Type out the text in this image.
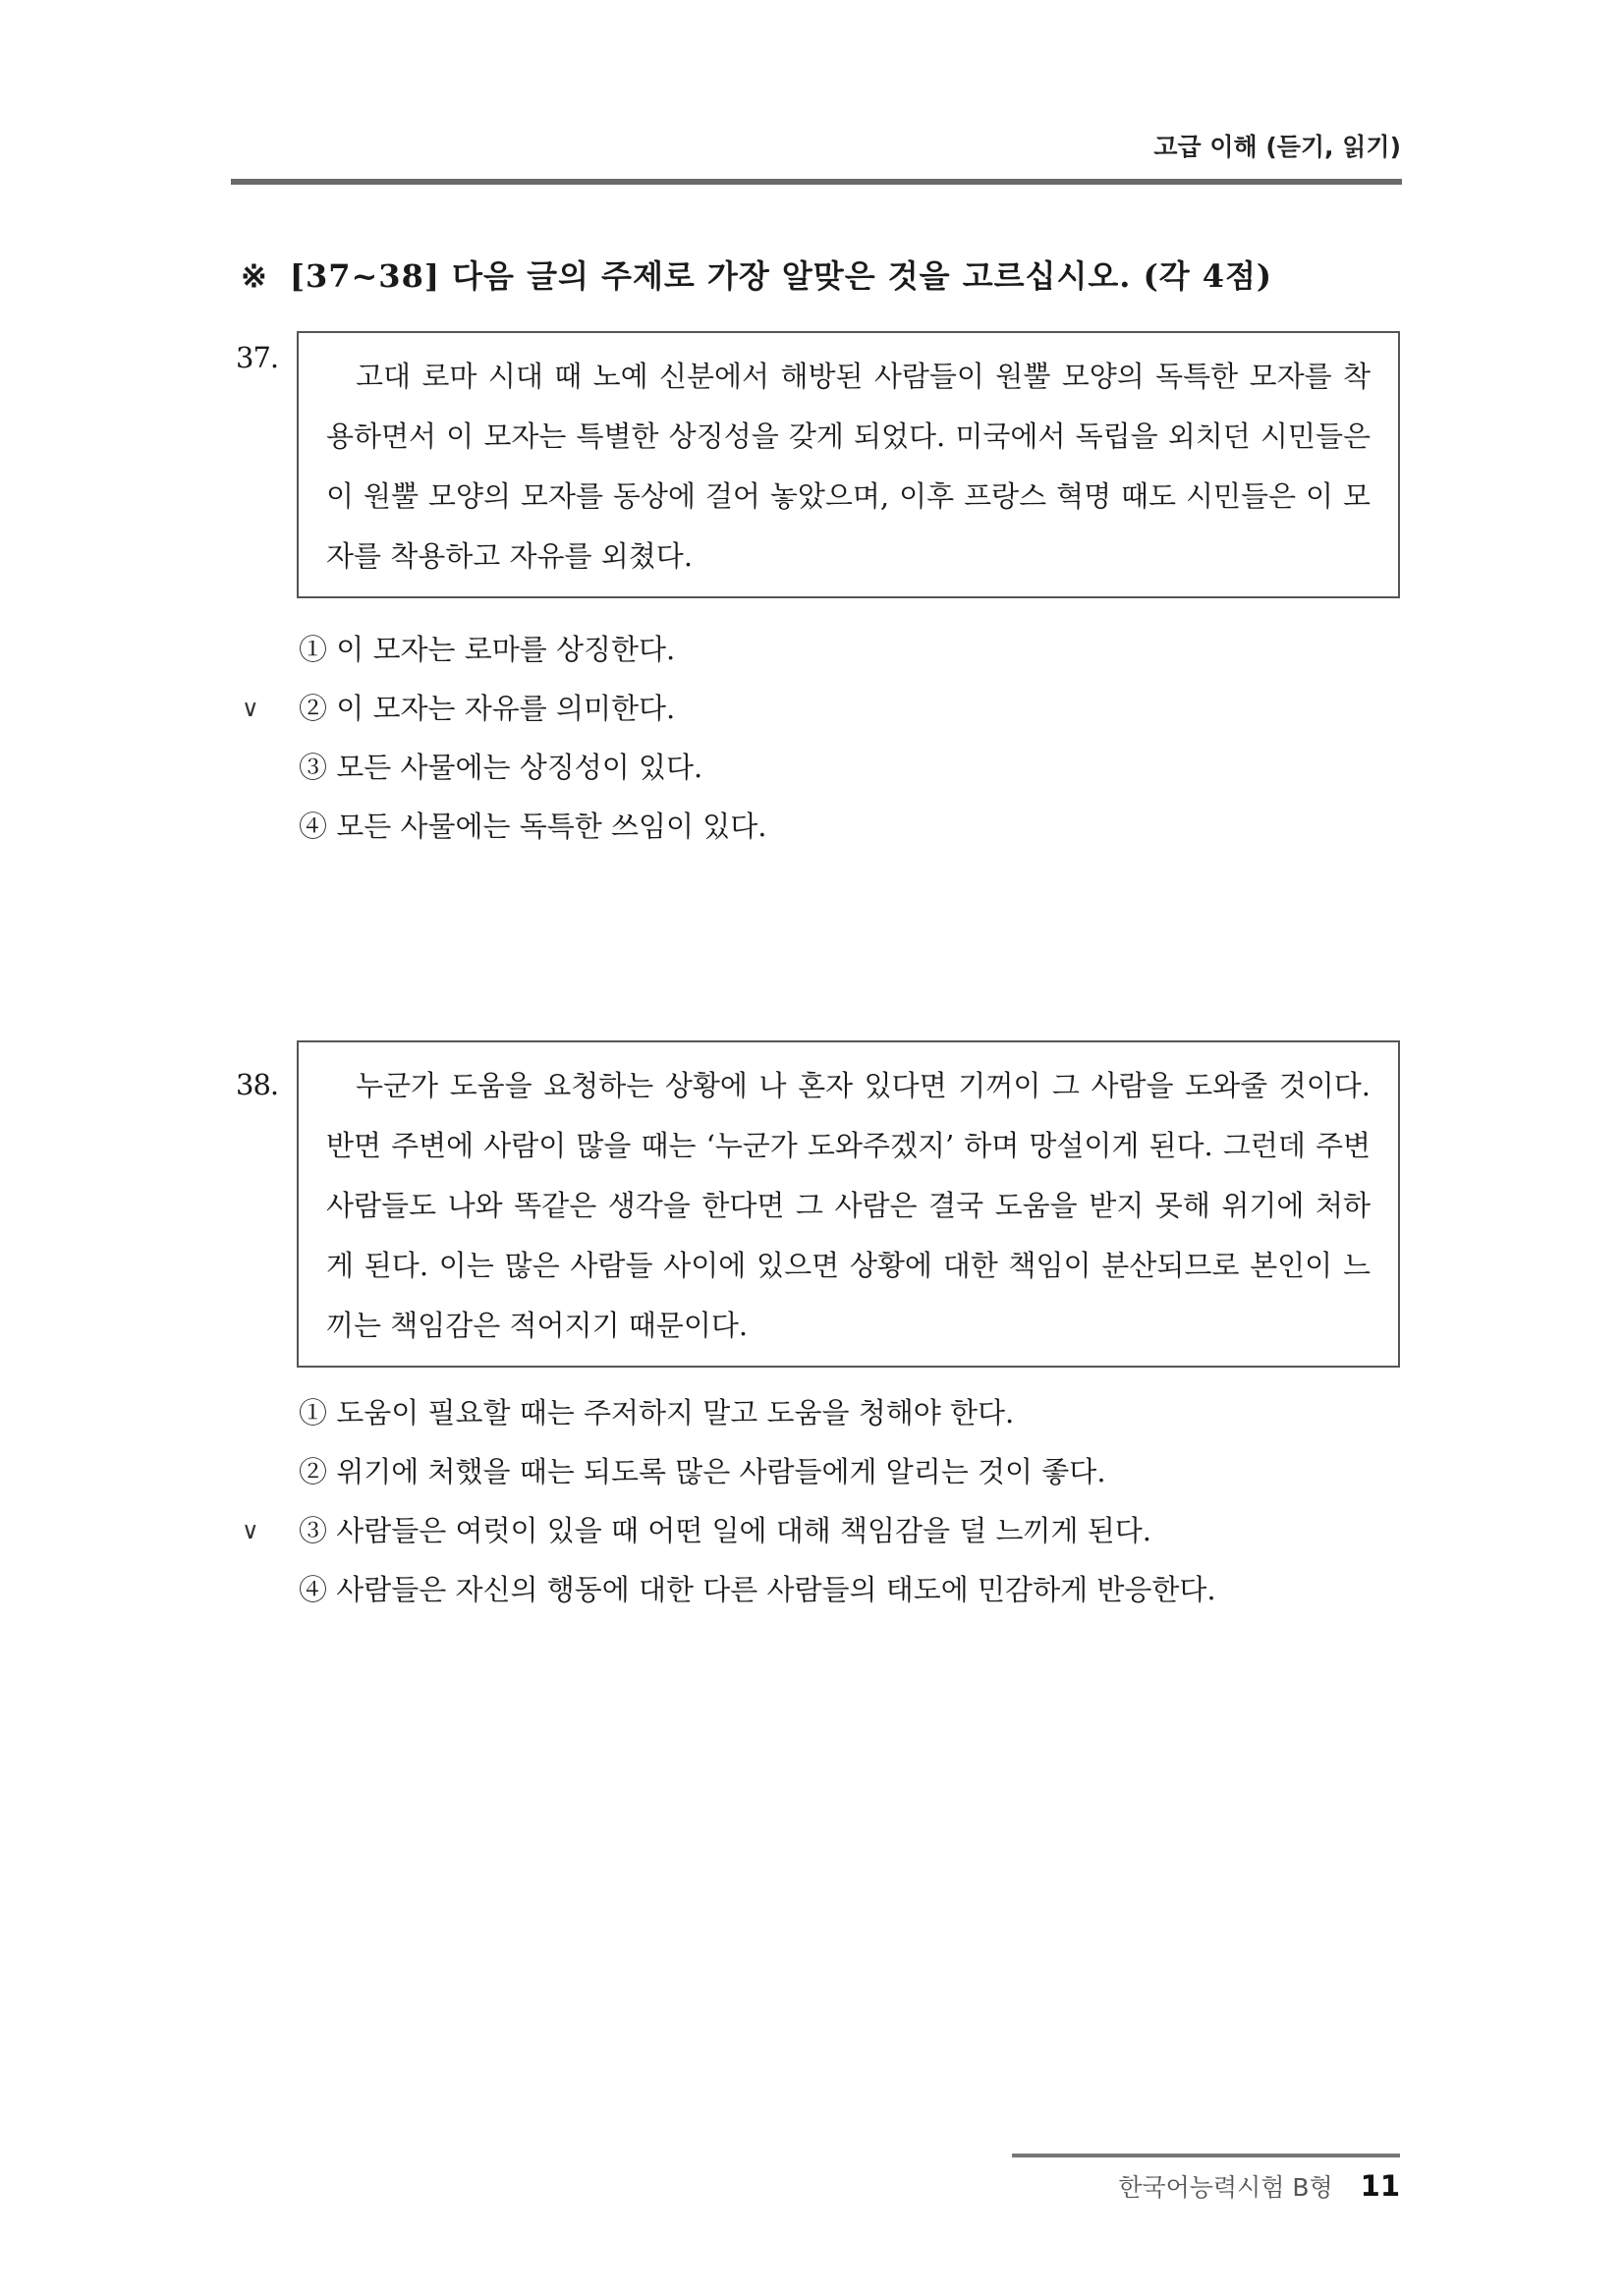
고급 이해 (듣기, 읽기)
※ [37~38] 다음 글의 주제로 가장 알맞은 것을 고르십시오. (각 4점)
37.

고대 로마 시대 때 노예 신분에서 해방된 사람들이 원뿔 모양의 독특한 모자를 착용하면서 이 모자는 특별한 상징성을 갖게 되었다. 미국에서 독립을 외치던 시민들은 이 원뿔 모양의 모자를 동상에 걸어 놓았으며, 이후 프랑스 혁명 때도 시민들은 이 모자를 착용하고 자유를 외쳤다.

① 이 모자는 로마를 상징한다.
∨	② 이 모자는 자유를 의미한다.
③ 모든 사물에는 상징성이 있다.
④ 모든 사물에는 독특한 쓰임이 있다.
38.	누군가 도움을 요청하는 상황에 나 혼자 있다면 기꺼이 그 사람을 도와줄 것이다. 반면 주변에 사람이 많을 때는 ‘누군가 도와주겠지’ 하며 망설이게 된다. 그런데 주변 사람들도 나와 똑같은 생각을 한다면 그 사람은 결국 도움을 받지 못해 위기에 처하게 된다. 이는 많은 사람들 사이에 있으면 상황에 대한 책임이 분산되므로 본인이 느끼는 책임감은 적어지기 때문이다.

① 도움이 필요할 때는 주저하지 말고 도움을 청해야 한다.
② 위기에 처했을 때는 되도록 많은 사람들에게 알리는 것이 좋다.
∨	③ 사람들은 여럿이 있을 때 어떤 일에 대해 책임감을 덜 느끼게 된다.
④ 사람들은 자신의 행동에 대한 다른 사람들의 태도에 민감하게 반응한다.
한국어능력시험 B형 11
